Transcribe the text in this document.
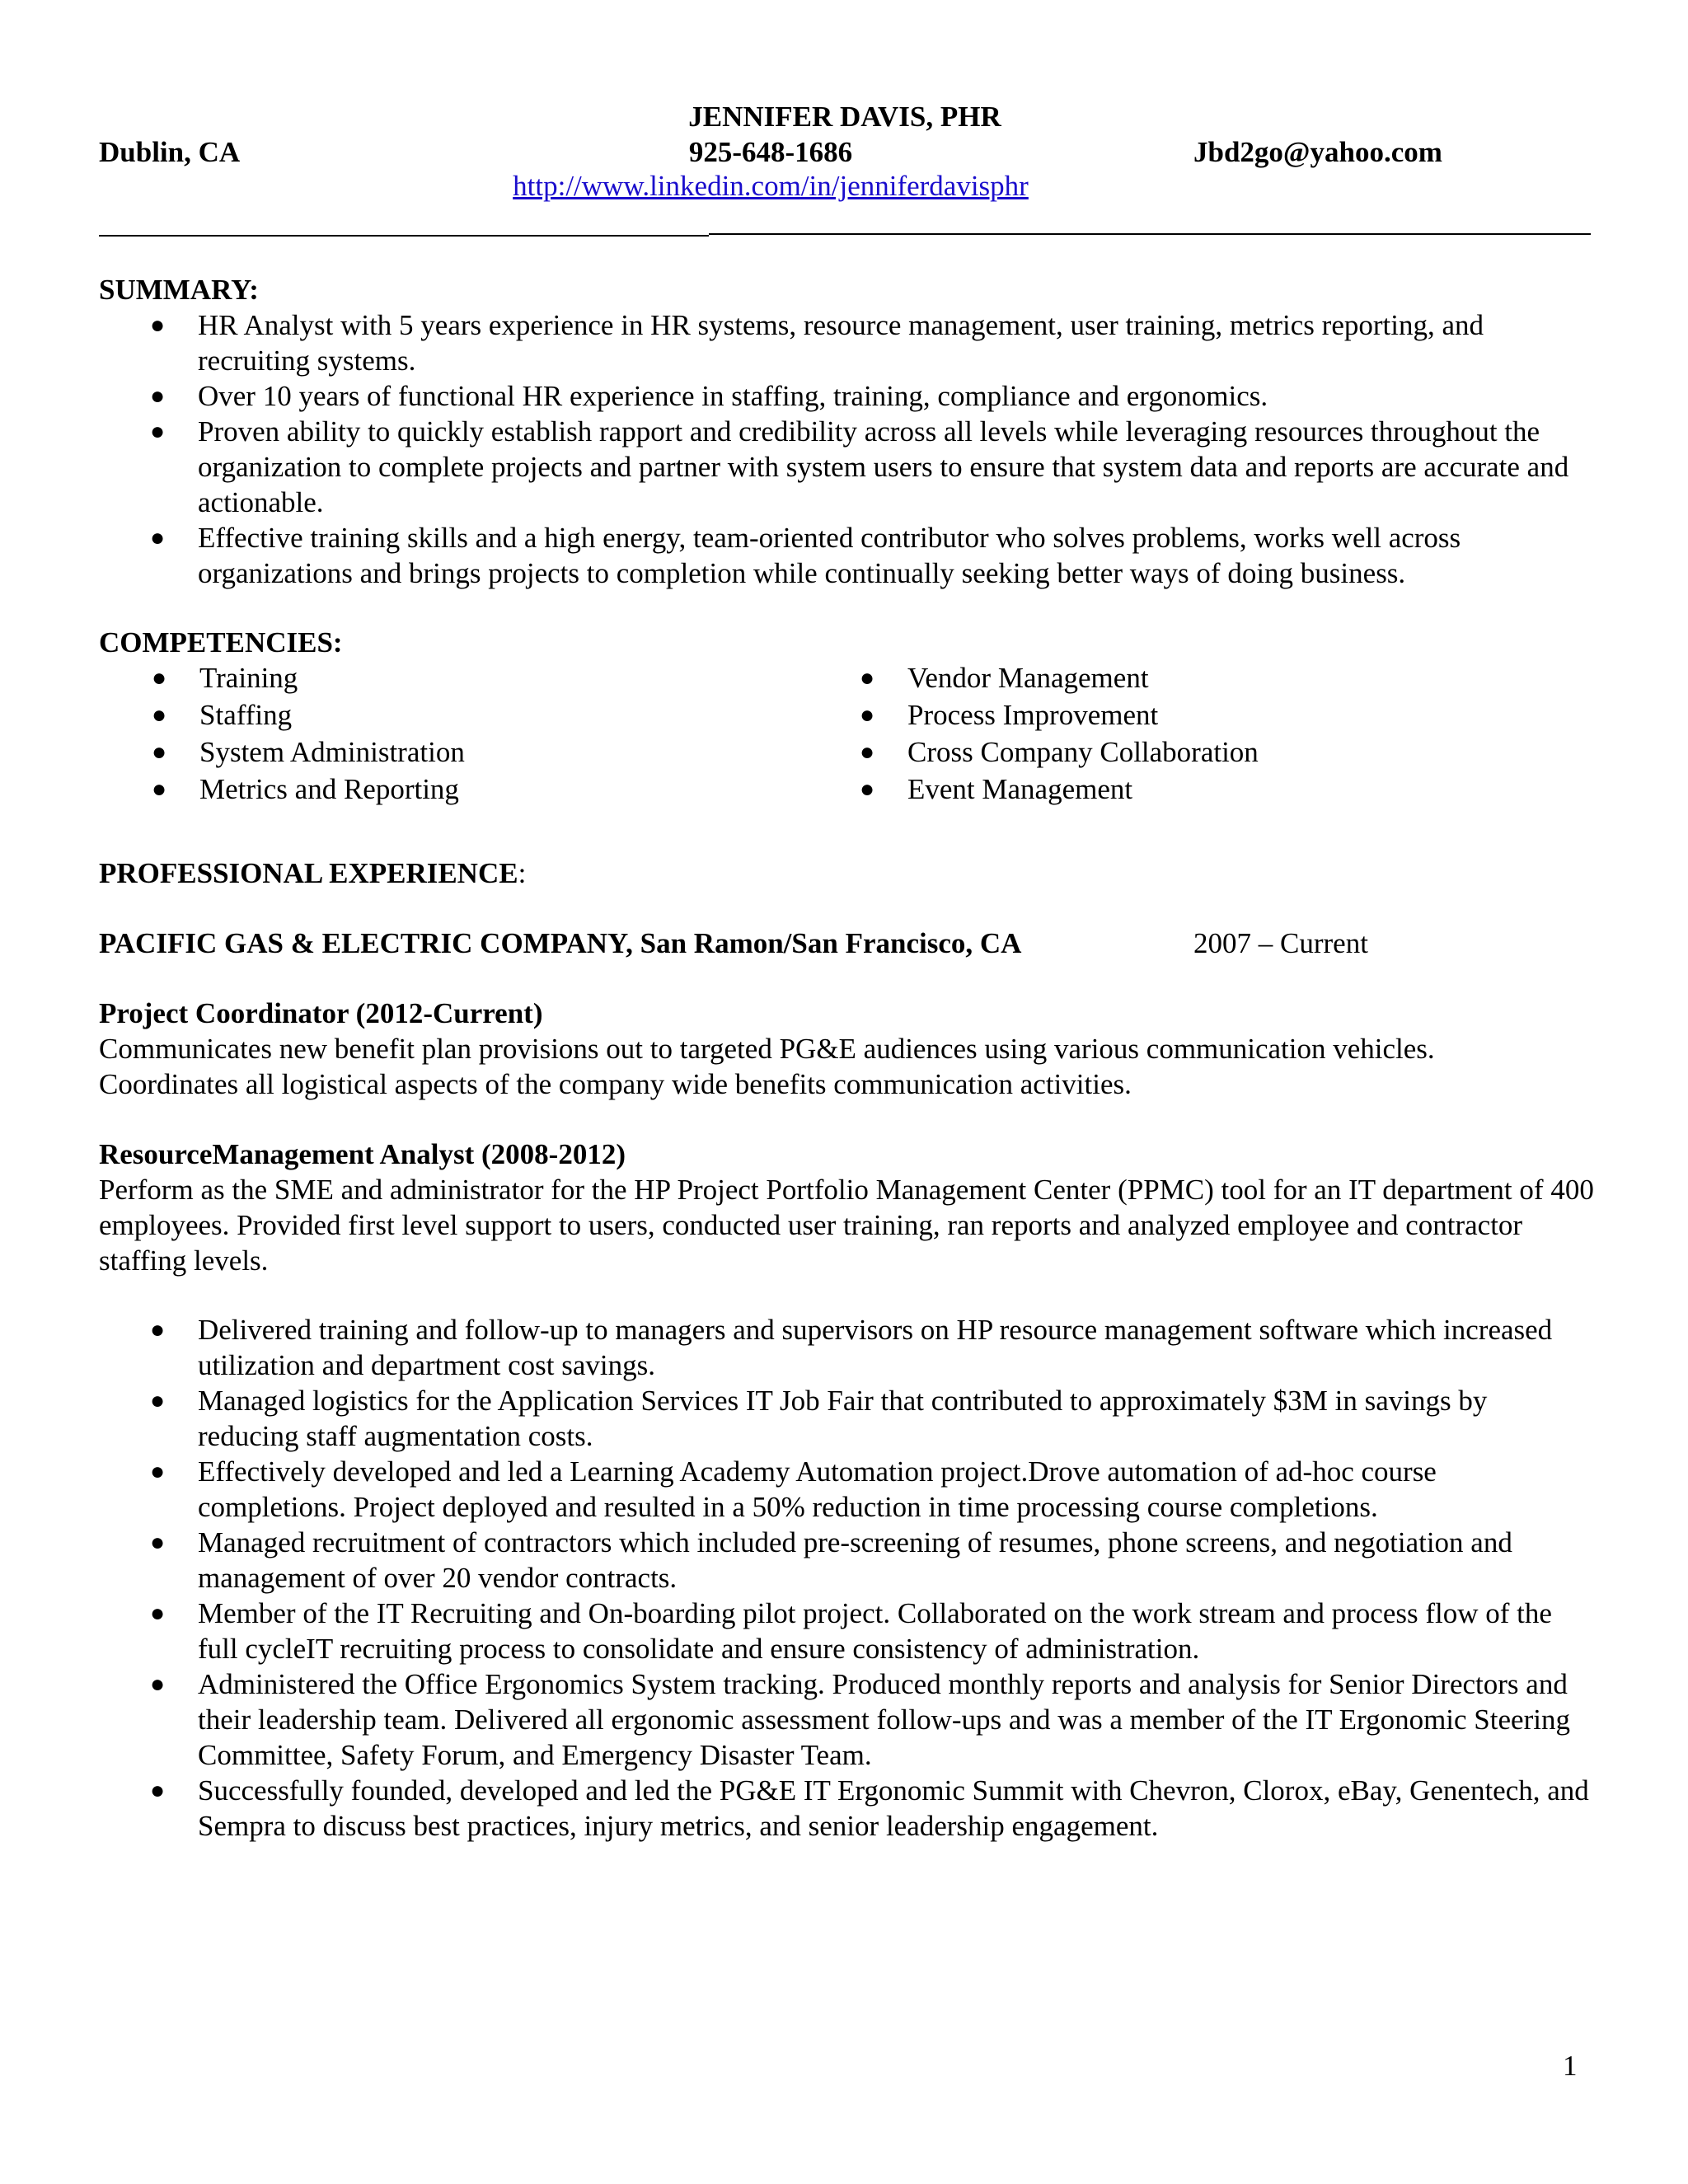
JENNIFER DAVIS, PHR
Dublin, CA	925-648-1686	Jbd2go@yahoo.com
http://www.linkedin.com/in/jenniferdavisphr
SUMMARY:
● HR Analyst with 5 years experience in HR systems, resource management, user training, metrics reporting, and recruiting systems.
● Over 10 years of functional HR experience in staffing, training, compliance and ergonomics.
● Proven ability to quickly establish rapport and credibility across all levels while leveraging resources throughout the organization to complete projects and partner with system users to ensure that system data and reports are accurate and actionable.
● Effective training skills and a high energy, team-oriented contributor who solves problems, works well across organizations and brings projects to completion while continually seeking better ways of doing business.
COMPETENCIES:
● Training
● Staffing
● System Administration
● Metrics and Reporting
● Vendor Management
● Process Improvement
● Cross Company Collaboration
● Event Management
PROFESSIONAL EXPERIENCE:
PACIFIC GAS & ELECTRIC COMPANY, San Ramon/San Francisco, CA	2007 – Current
Project Coordinator (2012-Current)
Communicates new benefit plan provisions out to targeted PG&E audiences using various communication vehicles.
Coordinates all logistical aspects of the company wide benefits communication activities.
ResourceManagement Analyst (2008-2012)
Perform as the SME and administrator for the HP Project Portfolio Management Center (PPMC) tool for an IT department of 400 employees. Provided first level support to users, conducted user training, ran reports and analyzed employee and contractor staffing levels.
● Delivered training and follow-up to managers and supervisors on HP resource management software which increased utilization and department cost savings.
● Managed logistics for the Application Services IT Job Fair that contributed to approximately $3M in savings by reducing staff augmentation costs.
● Effectively developed and led a Learning Academy Automation project.Drove automation of ad-hoc course completions. Project deployed and resulted in a 50% reduction in time processing course completions.
● Managed recruitment of contractors which included pre-screening of resumes, phone screens, and negotiation and management of over 20 vendor contracts.
● Member of the IT Recruiting and On-boarding pilot project. Collaborated on the work stream and process flow of the full cycleIT recruiting process to consolidate and ensure consistency of administration.
● Administered the Office Ergonomics System tracking. Produced monthly reports and analysis for Senior Directors and their leadership team. Delivered all ergonomic assessment follow-ups and was a member of the IT Ergonomic Steering Committee, Safety Forum, and Emergency Disaster Team.
● Successfully founded, developed and led the PG&E IT Ergonomic Summit with Chevron, Clorox, eBay, Genentech, and Sempra to discuss best practices, injury metrics, and senior leadership engagement.
1
